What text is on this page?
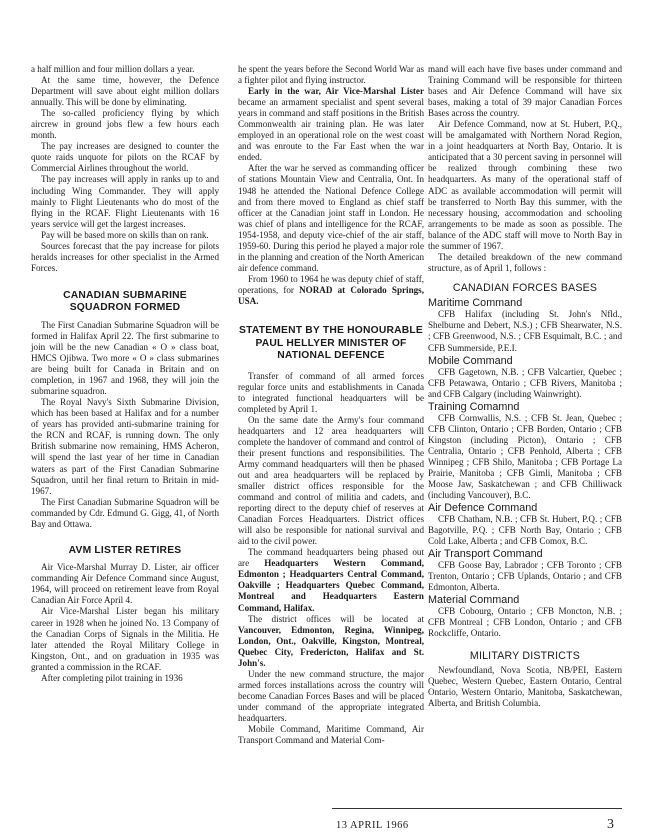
a half million and four million dollars a year.

At the same time, however, the Defence Department will save about eight million dollars annually. This will be done by eliminating.

The so-called proficiency flying by which aircrew in ground jobs flew a few hours each month.

The pay increases are designed to counter the quote raids unquote for pilots on the RCAF by Commercial Airlines throughout the world.

The pay increases will apply in ranks up to and including Wing Commander. They will apply mainly to Flight Lieutenants who do most of the flying in the RCAF. Flight Lieutenants with 16 years service will get the largest increases.

Pay will be based more on skills than on rank.

Sources forecast that the pay increase for pilots heralds increases for other specialist in the Armed Forces.

CANADIAN SUBMARINE SQUADRON FORMED

The First Canadian Submarine Squadron will be formed in Halifax April 22. The first submarine to join will be the new Canadian « O » class boat, HMCS Ojibwa. Two more « O » class submarines are being built for Canada in Britain and on completion, in 1967 and 1968, they will join the submarine squadron.

The Royal Navy's Sixth Submarine Division, which has been based at Halifax and for a number of years has provided anti-submarine training for the RCN and RCAF, is running down. The only British submarine now remaining, HMS Acheron, will spend the last year of her time in Canadian waters as part of the First Canadian Submarine Squadron, until her final return to Britain in mid-1967.

The First Canadian Submarine Squadron will be commanded by Cdr. Edmund G. Gigg, 41, of North Bay and Ottawa.

AVM LISTER RETIRES

Air Vice-Marshal Murray D. Lister, air officer commanding Air Defence Command since August, 1964, will proceed on retirement leave from Royal Canadian Air Force April 4.

Air Vice-Marshal Lister began his military career in 1928 when he joined No. 13 Company of the Canadian Corps of Signals in the Militia. He later attended the Royal Military College in Kingston, Ont., and on graduation in 1935 was granted a commission in the RCAF.

After completing pilot training in 1936

he spent the years before the Second World War as a fighter pilot and flying instructor.

Early in the war, Air Vice-Marshal Lister became an armament specialist and spent several years in command and staff positions in the British Commonwealth air training plan. He was later employed in an operational role on the west coast and was enroute to the Far East when the war ended.

After the war he served as commanding officer of stations Mountain View and Centralia, Ont. In 1948 he attended the National Defence College and from there moved to England as chief staff officer at the Canadian joint staff in London. He was chief of plans and intelligence for the RCAF, 1954-1958, and deputy vice-chief of the air staff, 1959-60. During this period he played a major role in the planning and creation of the North American air defence command.

From 1960 to 1964 he was deputy chief of staff, operations, for NORAD at Colorado Springs, USA.

STATEMENT BY THE HONOURABLE PAUL HELLYER MINISTER OF NATIONAL DEFENCE

Transfer of command of all armed forces regular force units and establishments in Canada to integrated functional headquarters will be completed by April 1.

On the same date the Army's four command headquarters and 12 area headquarters will complete the handover of command and control of their present functions and responsibilities. The Army command headquarters will then be phased out and area headquarters will be replaced by smaller district offices responsible for the command and control of militia and cadets, and reporting direct to the deputy chief of reserves at Canadian Forces Headquarters. District offices will also be responsible for national survival and aid to the civil power.

The command headquarters being phased out are Headquarters Western Command, Edmonton ; Headquarters Central Command, Oakville ; Headquarters Quebec Command, Montreal and Headquarters Eastern Command, Halifax.

The district offices will be located at Vancouver, Edmonton, Regina, Winnipeg, London, Ont., Oakville, Kingston, Montreal, Quebec City, Fredericton, Halifax and St. John's.

Under the new command structure, the major armed forces installations across the country will become Canadian Forces Bases and will be placed under command of the appropriate integrated headquarters.

Mobile Command, Maritime Command, Air Transport Command and Material Com-

mand will each have five bases under command and Training Command will be responsible for thirteen bases and Air Defence Command will have six bases, making a total of 39 major Canadian Forces Bases across the country.

Air Defence Command, now at St. Hubert, P.Q., will be amalgamated with Northern Norad Region, in a joint headquarters at North Bay, Ontario. It is anticipated that a 30 percent saving in personnel will be realized through combining these two headquarters. As many of the operational staff of ADC as available accommodation will permit will be transferred to North Bay this summer, with the necessary housing, accommodation and schooling arrangements to be made as soon as possible. The balance of the ADC staff will move to North Bay in the summer of 1967.

The detailed breakdown of the new command structure, as of April 1, follows :

CANADIAN FORCES BASES
Maritime Command

CFB Halifax (including St. John's Nfld., Shelburne and Debert, N.S.) ; CFB Shearwater, N.S. ; CFB Greenwood, N.S. ; CFB Esquimalt, B.C. ; and CFB Summerside, P.E.I.

Mobile Command

CFB Gagetown, N.B. ; CFB Valcartier, Quebec ; CFB Petawawa, Ontario ; CFB Rivers, Manitoba ; and CFB Calgary (including Wainwright).

Training Comamnd

CFB Cornwallis, N.S. ; CFB St. Jean, Quebec ; CFB Clinton, Ontario ; CFB Borden, Ontario ; CFB Kingston (including Picton), Ontario ; CFB Centralia, Ontario ; CFB Penhold, Alberta ; CFB Winnipeg ; CFB Shilo, Manitoba ; CFB Portage La Prairie, Manitoba ; CFB Gimli, Manitoba ; CFB Moose Jaw, Saskatchewan ; and CFB Chilliwack (including Vancouver), B.C.

Air Defence Command

CFB Chatham, N.B. ; CFB St. Hubert, P.Q. ; CFB Bagotville, P.Q. ; CFB North Bay, Ontario ; CFB Cold Lake, Alberta ; and CFB Comox, B.C.

Air Transport Command

CFB Goose Bay, Labrador ; CFB Toronto ; CFB Trenton, Ontario ; CFB Uplands, Ontario ; and CFB Edmonton, Alberta.

Material Command

CFB Cobourg, Ontario ; CFB Moncton, N.B. ; CFB Montreal ; CFB London, Ontario ; and CFB Rockcliffe, Ontario.

MILITARY DISTRICTS

Newfoundland, Nova Scotia, NB/PEI, Eastern Quebec, Western Quebec, Eastern Ontario, Central Ontario, Western Ontario, Manitoba, Saskatchewan, Alberta, and British Columbia.

13 APRIL 1966	3
